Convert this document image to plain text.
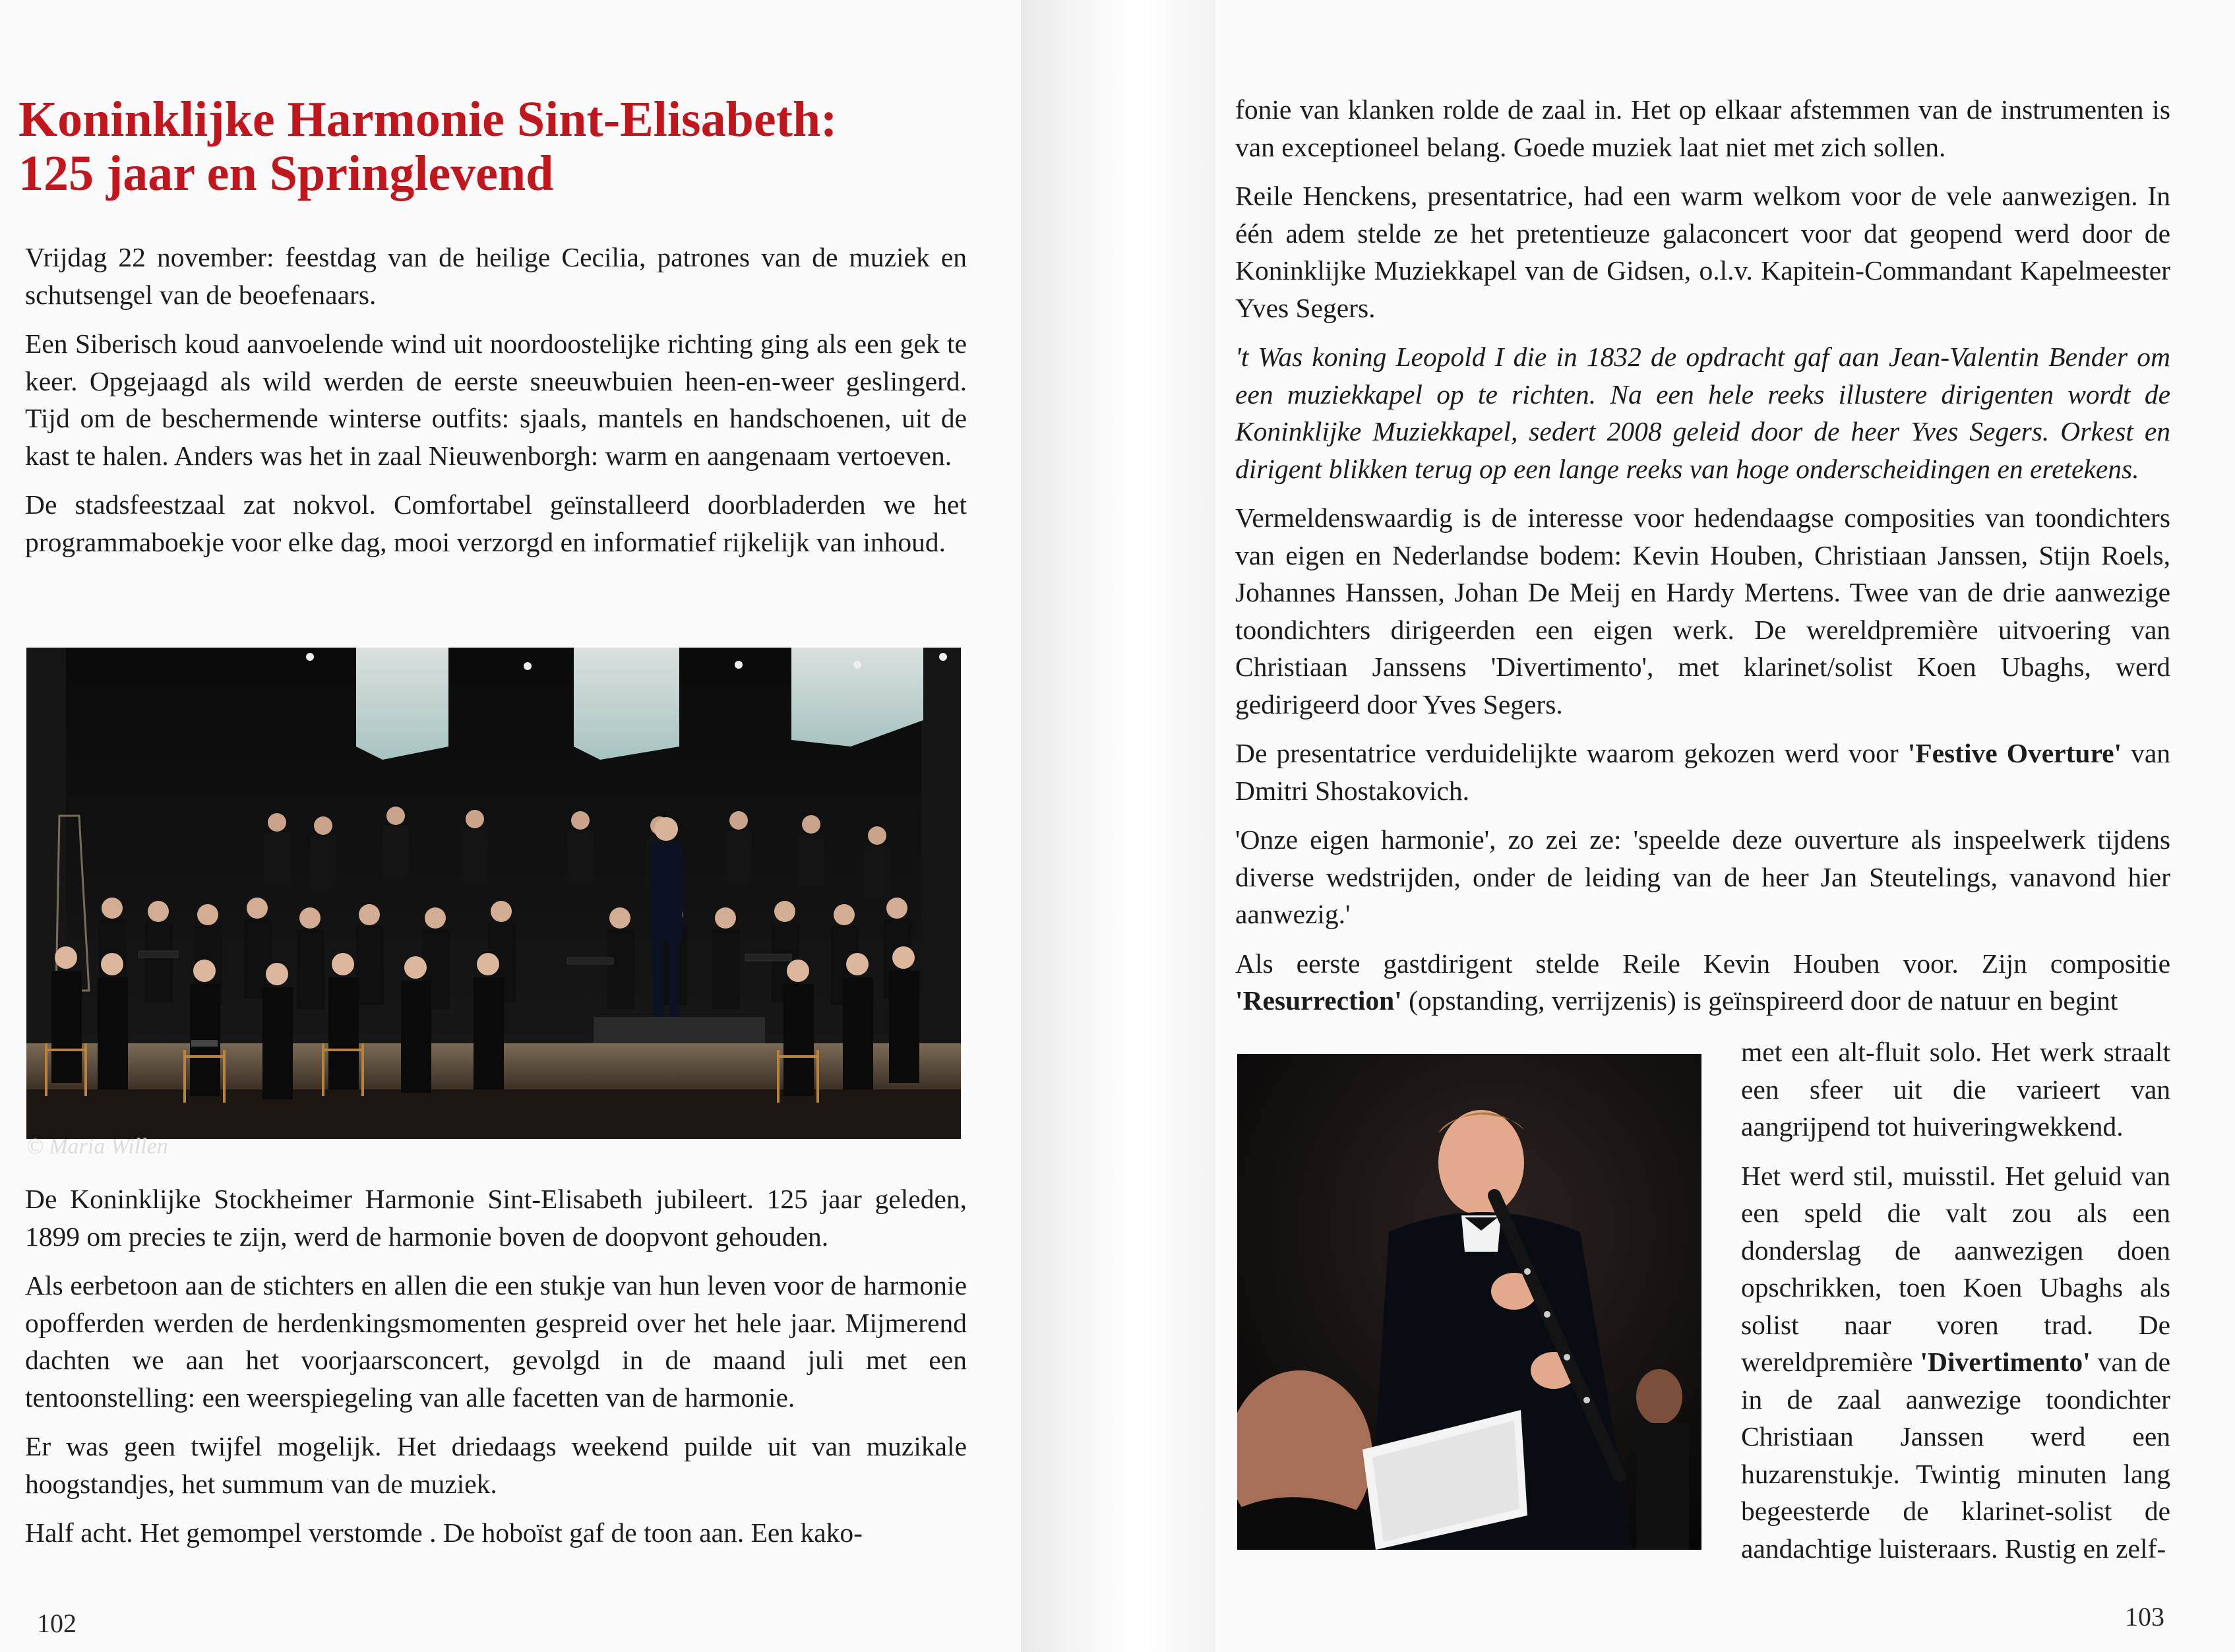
Koninklijke Harmonie Sint-Elisabeth:
125 jaar en Springlevend

Vrijdag 22 november: feestdag van de heilige Cecilia, patrones van de muziek en schutsengel van de beoefenaars.

Een Siberisch koud aanvoelende wind uit noordoostelijke richting ging als een gek te keer. Opgejaagd als wild werden de eerste sneeuwbuien heen-en-weer geslingerd. Tijd om de beschermende winterse outfits: sjaals, mantels en handschoenen, uit de kast te halen. Anders was het in zaal Nieuwenborgh: warm en aangenaam vertoeven.

De stadsfeestzaal zat nokvol. Comfortabel geïnstalleerd doorbladerden we het programmaboekje voor elke dag, mooi verzorgd en informatief rijkelijk van inhoud.

© Maria Willen

De Koninklijke Stockheimer Harmonie Sint-Elisabeth jubileert. 125 jaar geleden, 1899 om precies te zijn, werd de harmonie boven de doopvont gehouden.

Als eerbetoon aan de stichters en allen die een stukje van hun leven voor de harmonie opofferden werden de herdenkingsmomenten gespreid over het hele jaar. Mijmerend dachten we aan het voorjaarsconcert, gevolgd in de maand juli met een tentoonstelling: een weerspiegeling van alle facetten van de harmonie.

Er was geen twijfel mogelijk. Het driedaags weekend puilde uit van muzikale hoogstandjes, het summum van de muziek.

Half acht. Het gemompel verstomde . De hoboïst gaf de toon aan. Een kako-

102

fonie van klanken rolde de zaal in. Het op elkaar afstemmen van de instrumenten is van exceptioneel belang. Goede muziek laat niet met zich sollen.

Reile Henckens, presentatrice, had een warm welkom voor de vele aanwezigen. In één adem stelde ze het pretentieuze galaconcert voor dat geopend werd door de Koninklijke Muziekkapel van de Gidsen, o.l.v. Kapitein-Commandant Kapelmeester Yves Segers.

't Was koning Leopold I die in 1832 de opdracht gaf aan Jean-Valentin Bender om een muziekkapel op te richten. Na een hele reeks illustere dirigenten wordt de Koninklijke Muziekkapel, sedert 2008 geleid door de heer Yves Segers. Orkest en dirigent blikken terug op een lange reeks van hoge onderscheidingen en eretekens.

Vermeldenswaardig is de interesse voor hedendaagse composities van toondichters van eigen en Nederlandse bodem: Kevin Houben, Christiaan Janssen, Stijn Roels, Johannes Hanssen, Johan De Meij en Hardy Mertens. Twee van de drie aanwezige toondichters dirigeerden een eigen werk. De wereldpremière uitvoering van Christiaan Janssens 'Divertimento', met klarinet/solist Koen Ubaghs, werd gedirigeerd door Yves Segers.

De presentatrice verduidelijkte waarom gekozen werd voor 'Festive Overture' van Dmitri Shostakovich.

'Onze eigen harmonie', zo zei ze: 'speelde deze ouverture als inspeelwerk tijdens diverse wedstrijden, onder de leiding van de heer Jan Steutelings, vanavond hier aanwezig.'

Als eerste gastdirigent stelde Reile Kevin Houben voor. Zijn compositie 'Resurrection' (opstanding, verrijzenis) is geïnspireerd door de natuur en begint

met een alt-fluit solo. Het werk straalt een sfeer uit die varieert van aangrijpend tot huiveringwekkend.

Het werd stil, muisstil. Het geluid van een speld die valt zou als een donderslag de aanwezigen doen opschrikken, toen Koen Ubaghs als solist naar voren trad. De wereldpremière 'Divertimento' van de in de zaal aanwezige toondichter Christiaan Janssen werd een huzarenstukje. Twintig minuten lang begeesterde de klarinet-solist de aandachtige luisteraars. Rustig en zelf-

103
